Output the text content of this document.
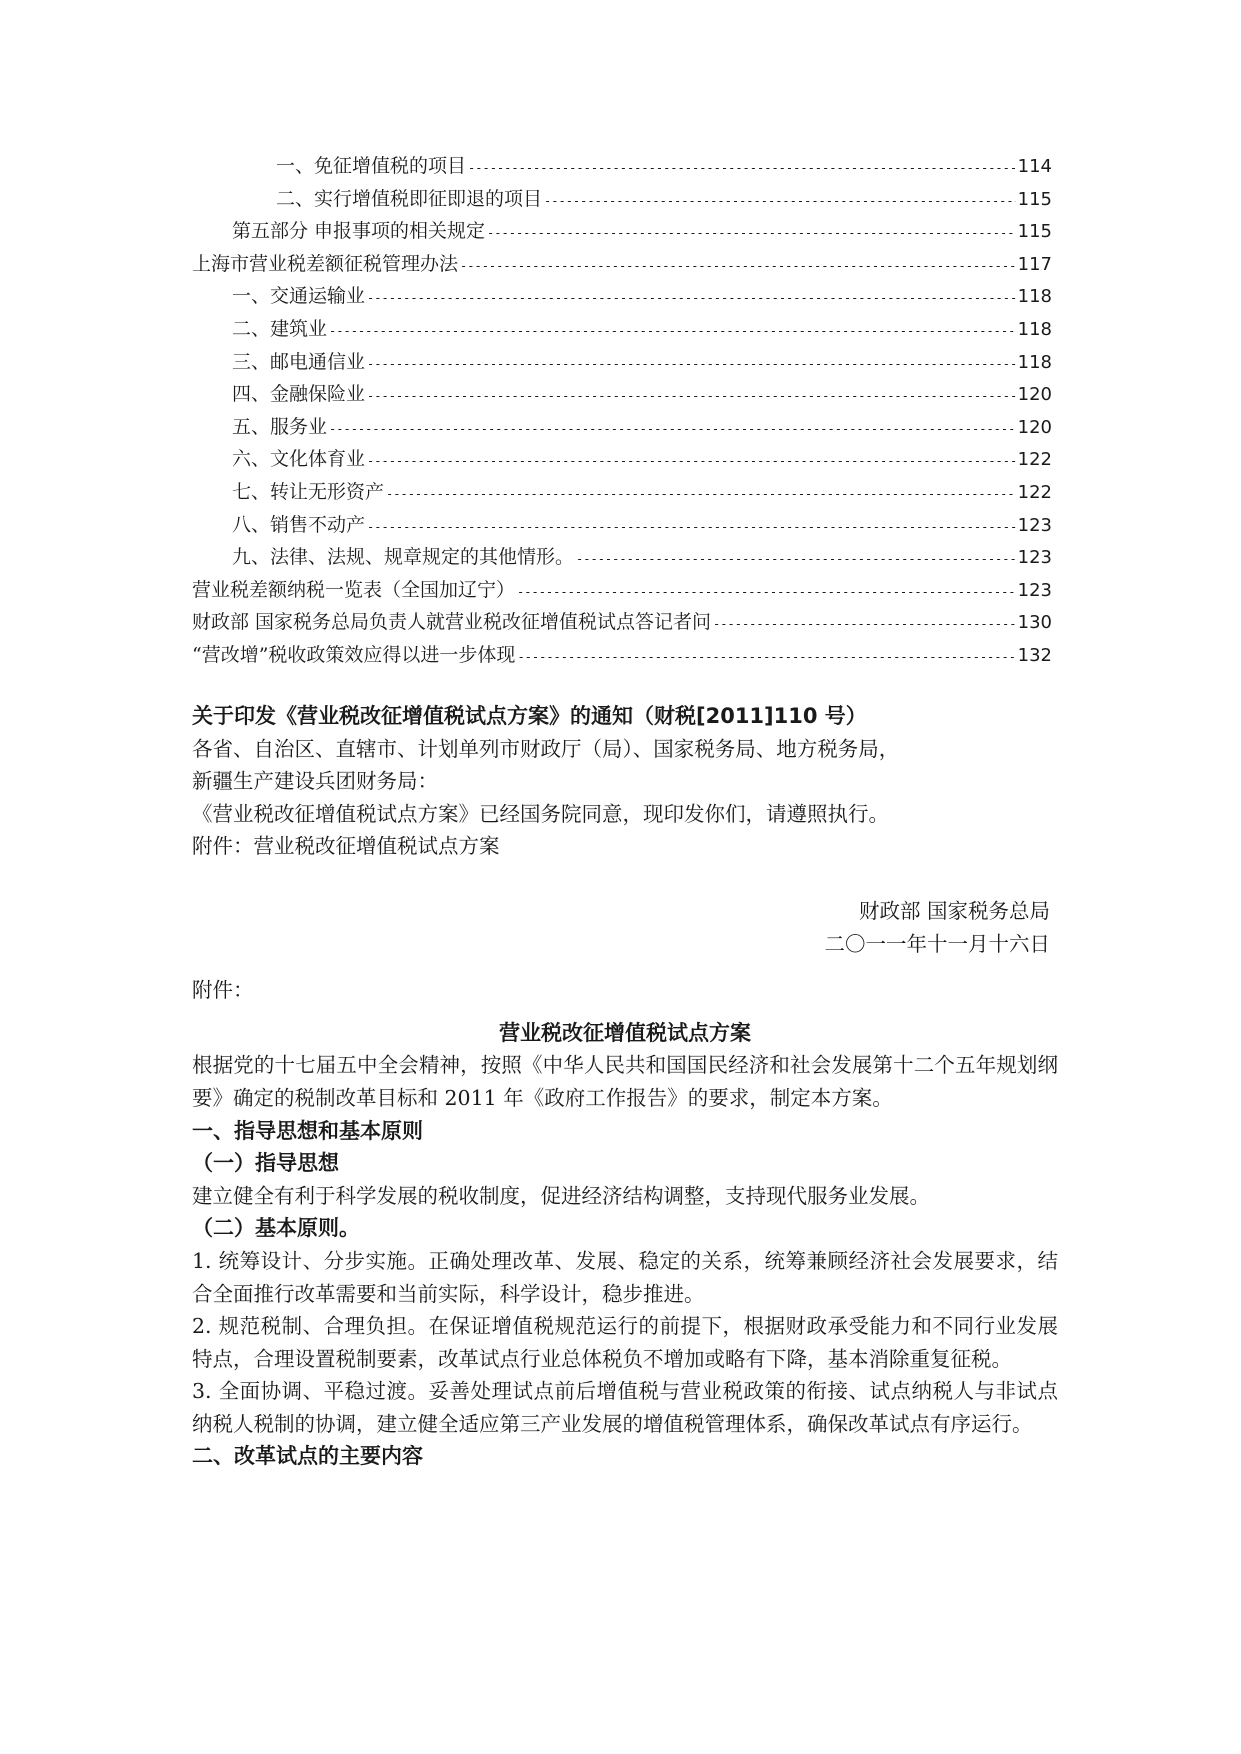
一、免征增值税的项目 -----	114
二、实行增值税即征即退的项目 -----	115
第五部分 申报事项的相关规定 -----	115
上海市营业税差额征税管理办法 -----	117
一、交通运输业 -----	118
二、建筑业 -----	118
三、邮电通信业 -----	118
四、金融保险业 -----	120
五、服务业 -----	120
六、文化体育业 -----	122
七、转让无形资产 -----	122
八、销售不动产 -----	123
九、法律、法规、规章规定的其他情形。 -----	123
营业税差额纳税一览表（全国加辽宁） -----	123
财政部 国家税务总局负责人就营业税改征增值税试点答记者问 -----	130
“营改增”税收政策效应得以进一步体现 -----	132

关于印发《营业税改征增值税试点方案》的通知（财税[2011]110 号）

各省、自治区、直辖市、计划单列市财政厅（局）、国家税务局、地方税务局，

新疆生产建设兵团财务局：

《营业税改征增值税试点方案》已经国务院同意，现印发你们，请遵照执行。

附件：营业税改征增值税试点方案

财政部 国家税务总局

二〇一一年十一月十六日

附件：

营业税改征增值税试点方案

根据党的十七届五中全会精神，按照《中华人民共和国国民经济和社会发展第十二个五年规划纲要》确定的税制改革目标和 2011 年《政府工作报告》的要求，制定本方案。

一、指导思想和基本原则

（一）指导思想

建立健全有利于科学发展的税收制度，促进经济结构调整，支持现代服务业发展。

（二）基本原则。

1. 统筹设计、分步实施。正确处理改革、发展、稳定的关系，统筹兼顾经济社会发展要求，结合全面推行改革需要和当前实际，科学设计，稳步推进。

2. 规范税制、合理负担。在保证增值税规范运行的前提下，根据财政承受能力和不同行业发展特点，合理设置税制要素，改革试点行业总体税负不增加或略有下降，基本消除重复征税。

3. 全面协调、平稳过渡。妥善处理试点前后增值税与营业税政策的衔接、试点纳税人与非试点纳税人税制的协调，建立健全适应第三产业发展的增值税管理体系，确保改革试点有序运行。

二、改革试点的主要内容
